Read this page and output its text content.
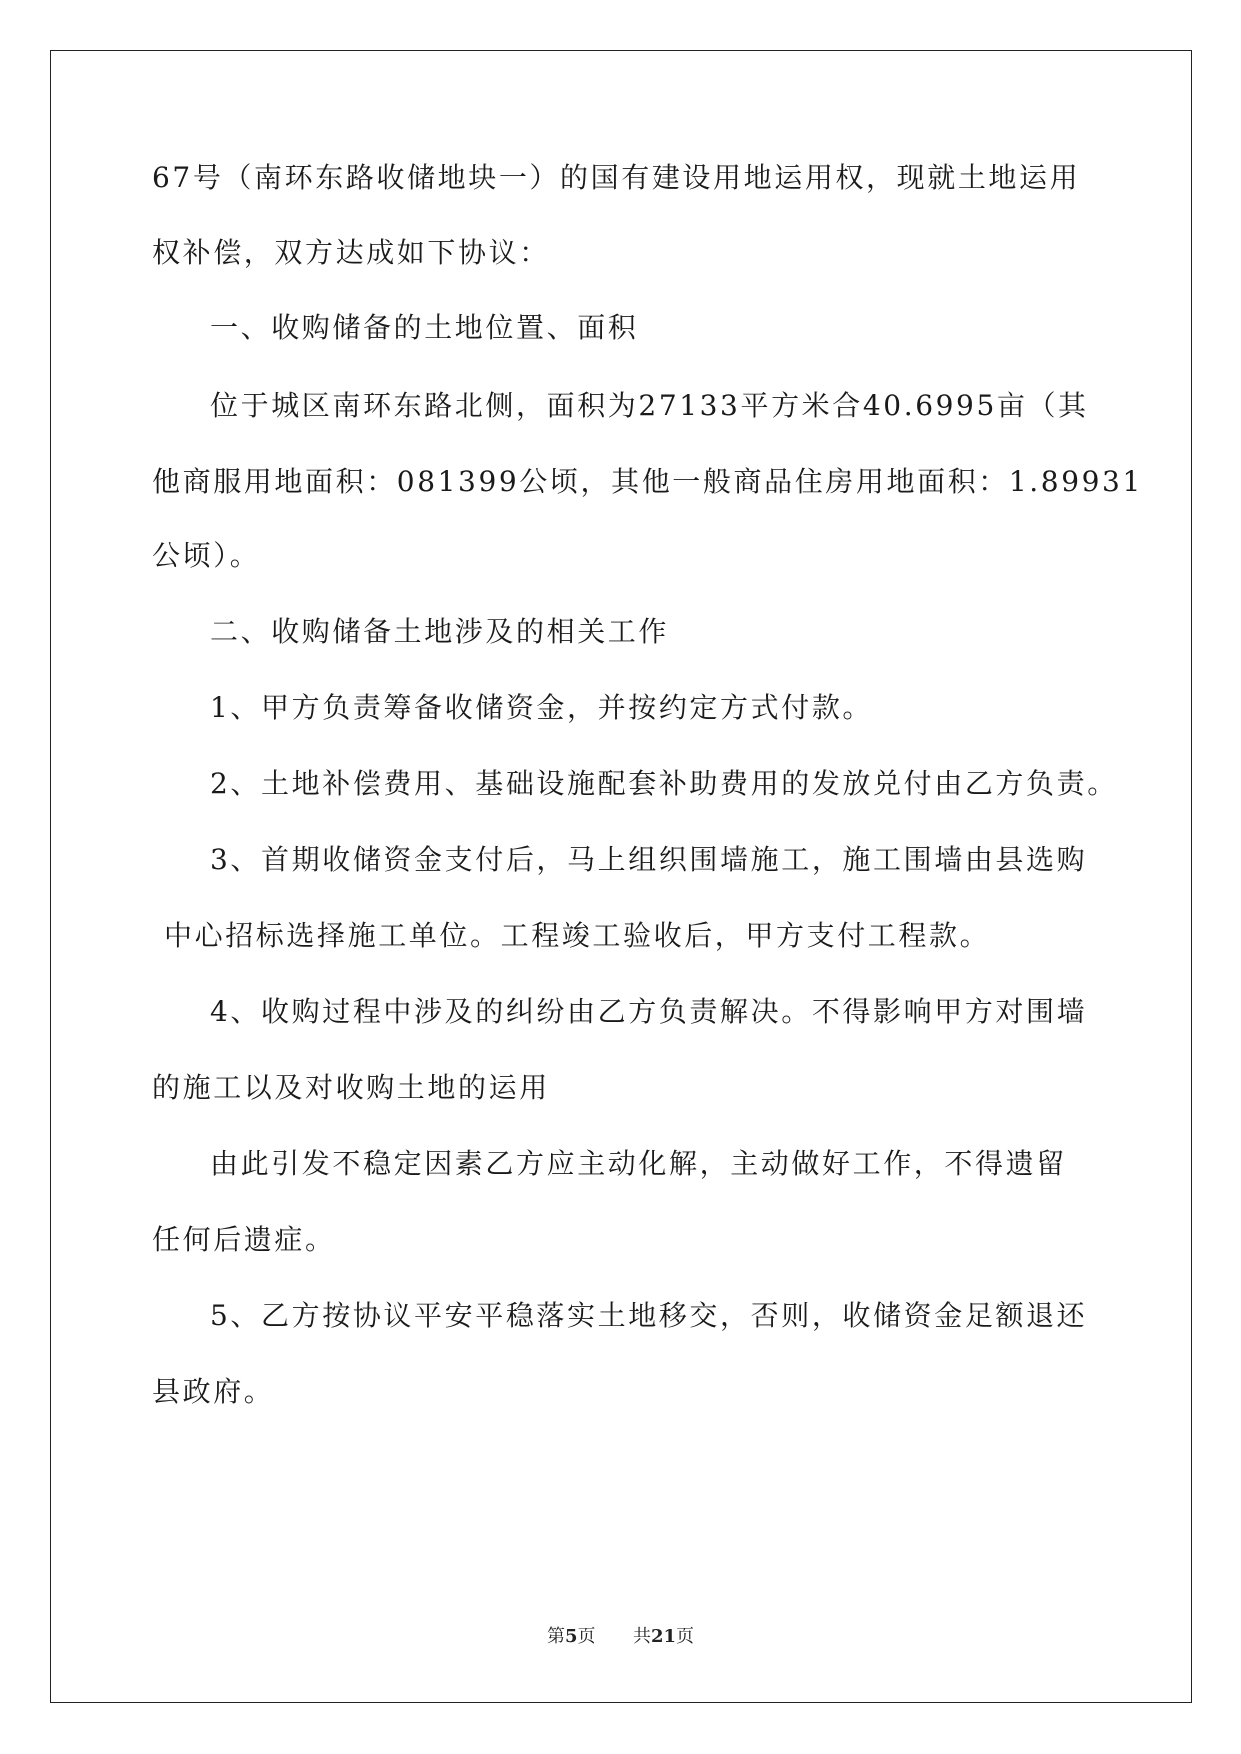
67号（南环东路收储地块一）的国有建设用地运用权，现就土地运用
权补偿，双方达成如下协议：
一、收购储备的土地位置、面积
位于城区南环东路北侧，面积为27133平方米合40.6995亩（其
他商服用地面积：081399公顷，其他一般商品住房用地面积：1.89931
公顷）。
二、收购储备土地涉及的相关工作
1、甲方负责筹备收储资金，并按约定方式付款。
2、土地补偿费用、基础设施配套补助费用的发放兑付由乙方负责。
3、首期收储资金支付后，马上组织围墙施工，施工围墙由县选购
中心招标选择施工单位。工程竣工验收后，甲方支付工程款。
4、收购过程中涉及的纠纷由乙方负责解决。不得影响甲方对围墙
的施工以及对收购土地的运用
由此引发不稳定因素乙方应主动化解，主动做好工作，不得遗留
任何后遗症。
5、乙方按协议平安平稳落实土地移交，否则，收储资金足额退还
县政府。
第5页 共21页
